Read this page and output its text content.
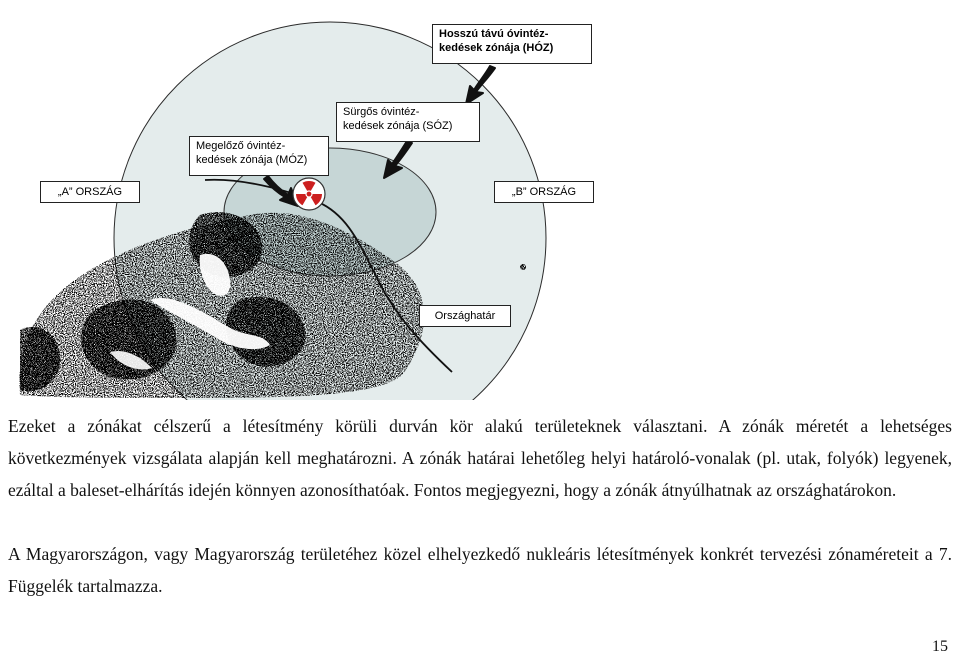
Hosszú távú óvintéz-
kedések zónája (HÓZ)
Sürgős óvintéz-
kedések zónája (SÓZ)
Megelőző óvintéz-
kedések zónája (MÓZ)
„A” ORSZÁG	„B” ORSZÁG
Országhatár

Ezeket a zónákat célszerű a létesítmény körüli durván kör alakú területeknek választani. A zónák méretét a lehetséges következmények vizsgálata alapján kell meghatározni. A zónák határai lehetőleg helyi határoló-vonalak (pl. utak, folyók) legyenek, ezáltal a baleset-elhárítás idején könnyen azonosíthatóak. Fontos megjegyezni, hogy a zónák átnyúlhatnak az országhatárokon.

A Magyarországon, vagy Magyarország területéhez közel elhelyezkedő nukleáris létesítmények konkrét tervezési zónaméreteit a 7. Függelék tartalmazza.

15
